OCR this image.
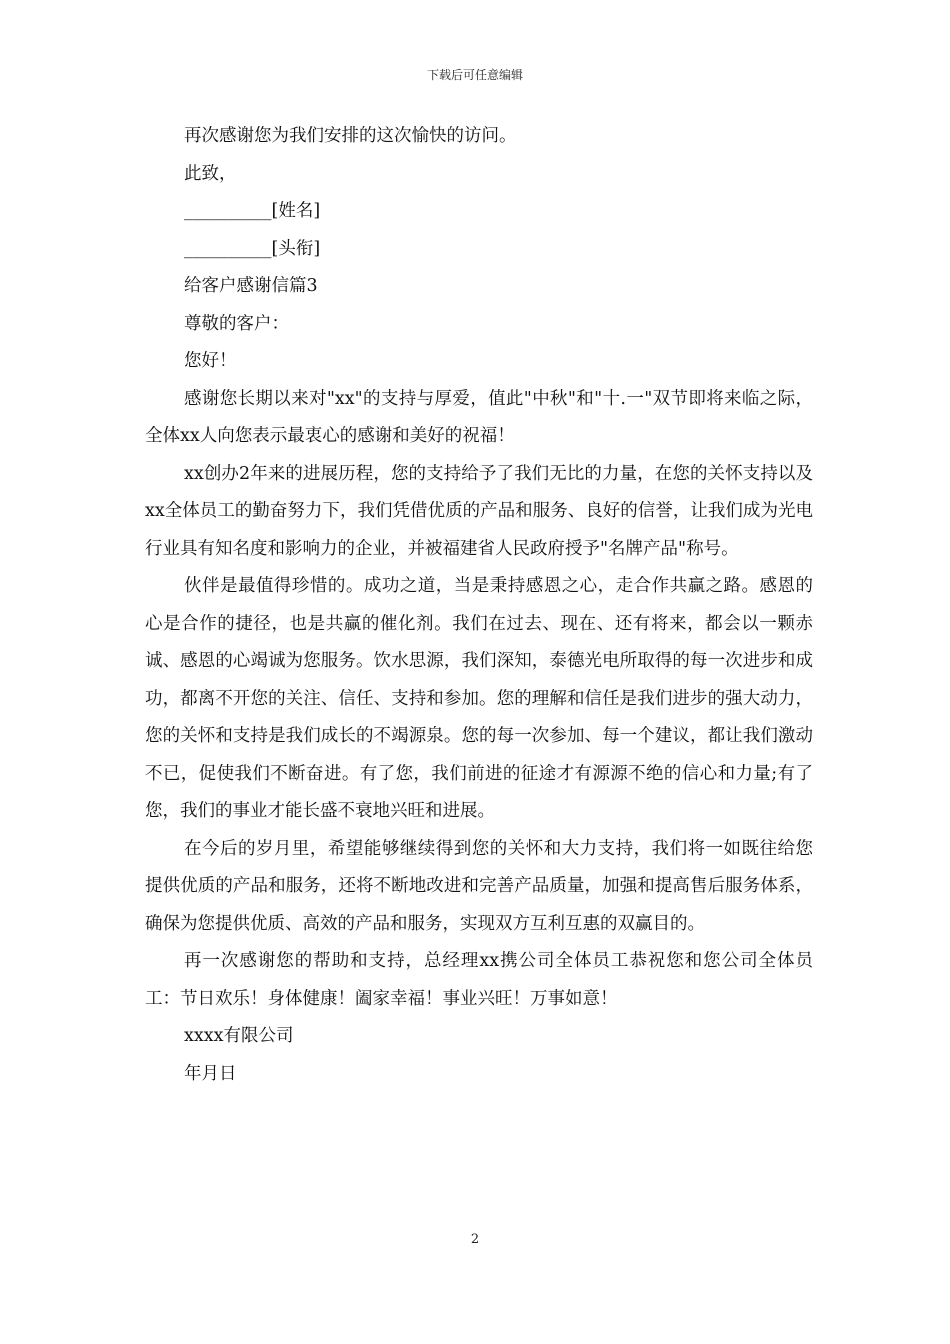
下载后可任意编辑

再次感谢您为我们安排的这次愉快的访问。

此致，

__________[姓名]

__________[头衔]

给客户感谢信篇3

尊敬的客户：

您好！

感谢您长期以来对"xx"的支持与厚爱，值此"中秋"和"十.一"双节即将来临之际，全体xx人向您表示最衷心的感谢和美好的祝福！

xx创办2年来的进展历程，您的支持给予了我们无比的力量，在您的关怀支持以及xx全体员工的勤奋努力下，我们凭借优质的产品和服务、良好的信誉，让我们成为光电行业具有知名度和影响力的企业，并被福建省人民政府授予"名牌产品"称号。

伙伴是最值得珍惜的。成功之道，当是秉持感恩之心，走合作共赢之路。感恩的心是合作的捷径，也是共赢的催化剂。我们在过去、现在、还有将来，都会以一颗赤诚、感恩的心竭诚为您服务。饮水思源，我们深知，泰德光电所取得的每一次进步和成功，都离不开您的关注、信任、支持和参加。您的理解和信任是我们进步的强大动力，您的关怀和支持是我们成长的不竭源泉。您的每一次参加、每一个建议，都让我们激动不已，促使我们不断奋进。有了您，我们前进的征途才有源源不绝的信心和力量;有了您，我们的事业才能长盛不衰地兴旺和进展。

在今后的岁月里，希望能够继续得到您的关怀和大力支持，我们将一如既往给您提供优质的产品和服务，还将不断地改进和完善产品质量，加强和提高售后服务体系，确保为您提供优质、高效的产品和服务，实现双方互利互惠的双赢目的。

再一次感谢您的帮助和支持，总经理xx携公司全体员工恭祝您和您公司全体员工：节日欢乐！身体健康！阖家幸福！事业兴旺！万事如意！

xxxx有限公司

年月日

2
